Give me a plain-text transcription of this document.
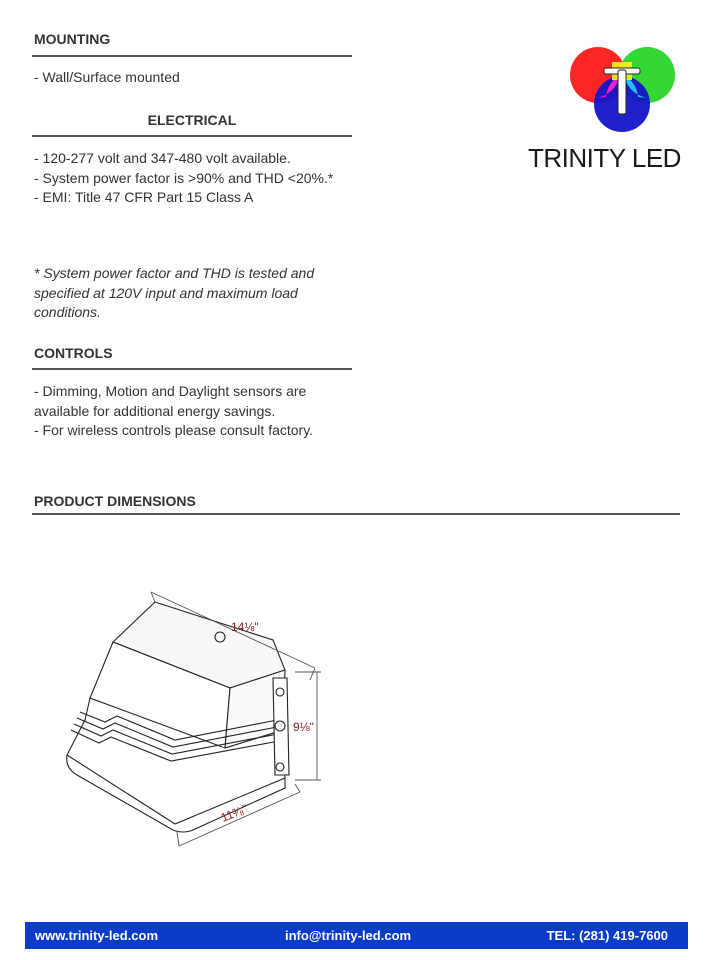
MOUNTING
- Wall/Surface mounted
ELECTRICAL
- 120-277 volt and 347-480 volt available.
- System power factor is >90% and THD <20%.*
- EMI: Title 47 CFR Part 15 Class A
* System power factor and THD is tested and specified at 120V input and maximum load conditions.
CONTROLS
- Dimming, Motion and Daylight sensors are available for additional energy savings.
- For wireless controls please consult factory.
PRODUCT DIMENSIONS
TRINITY LED
14⅛"
9⅛"
11³⁄₈"
www.trinity-led.com	info@trinity-led.com	TEL: (281) 419-7600
